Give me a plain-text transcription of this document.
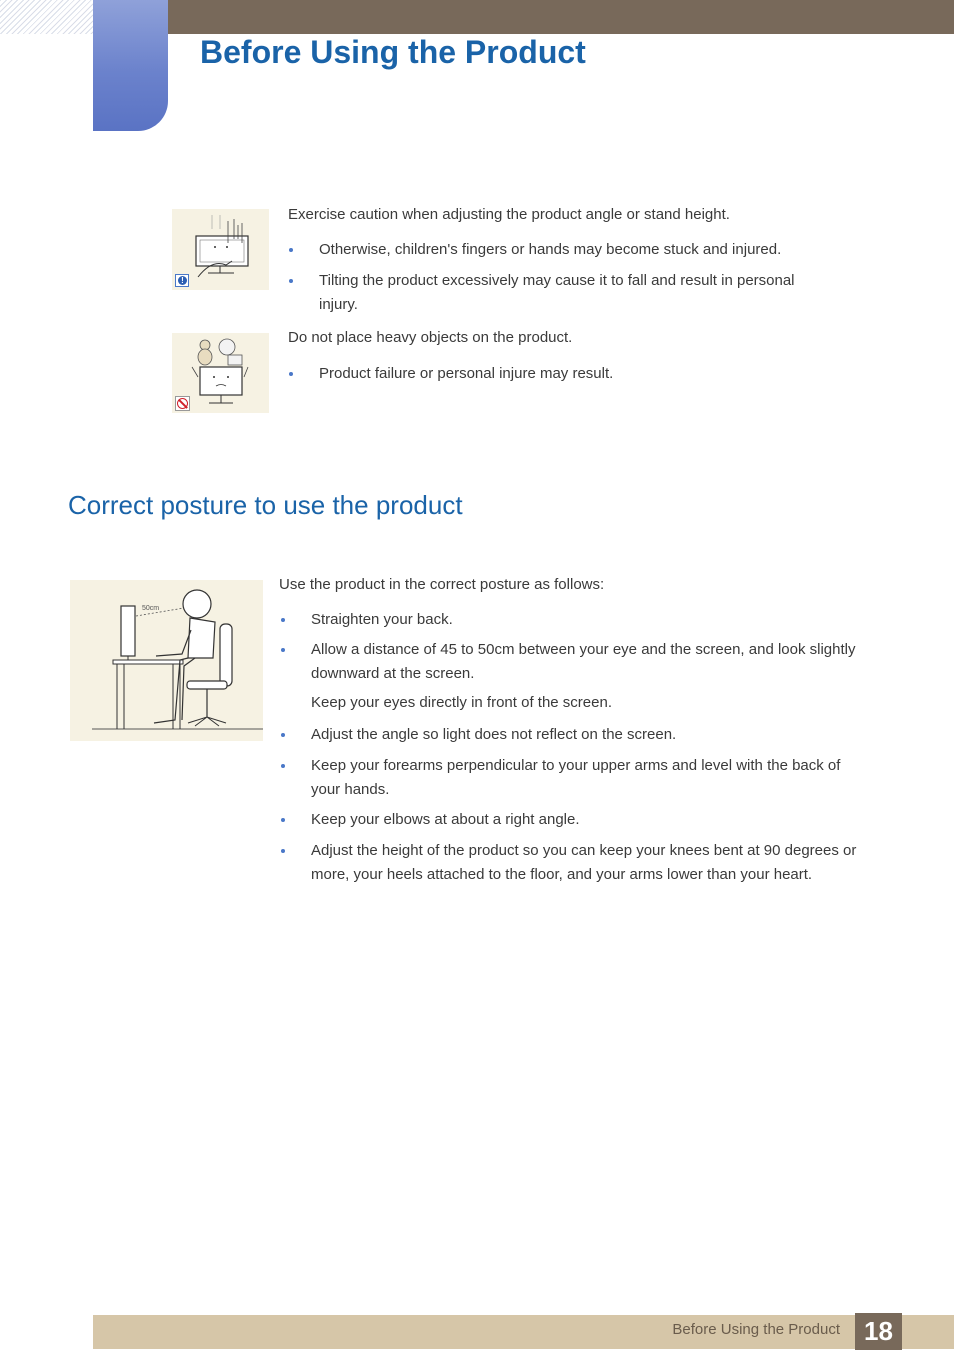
Before Using the Product
!
Exercise caution when adjusting the product angle or stand height.
Otherwise, children's fingers or hands may become stuck and injured.
Tilting the product excessively may cause it to fall and result in personal
injury.
Do not place heavy objects on the product.
Product failure or personal injure may result.
Correct posture to use the product
50cm
Use the product in the correct posture as follows:
Straighten your back.
Allow a distance of 45 to 50cm between your eye and the screen, and look slightly
downward at the screen.
Keep your eyes directly in front of the screen.
Adjust the angle so light does not reflect on the screen.
Keep your forearms perpendicular to your upper arms and level with the back of
your hands.
Keep your elbows at about a right angle.
Adjust the height of the product so you can keep your knees bent at 90 degrees or
more, your heels attached to the floor, and your arms lower than your heart.
Before Using the Product 18
